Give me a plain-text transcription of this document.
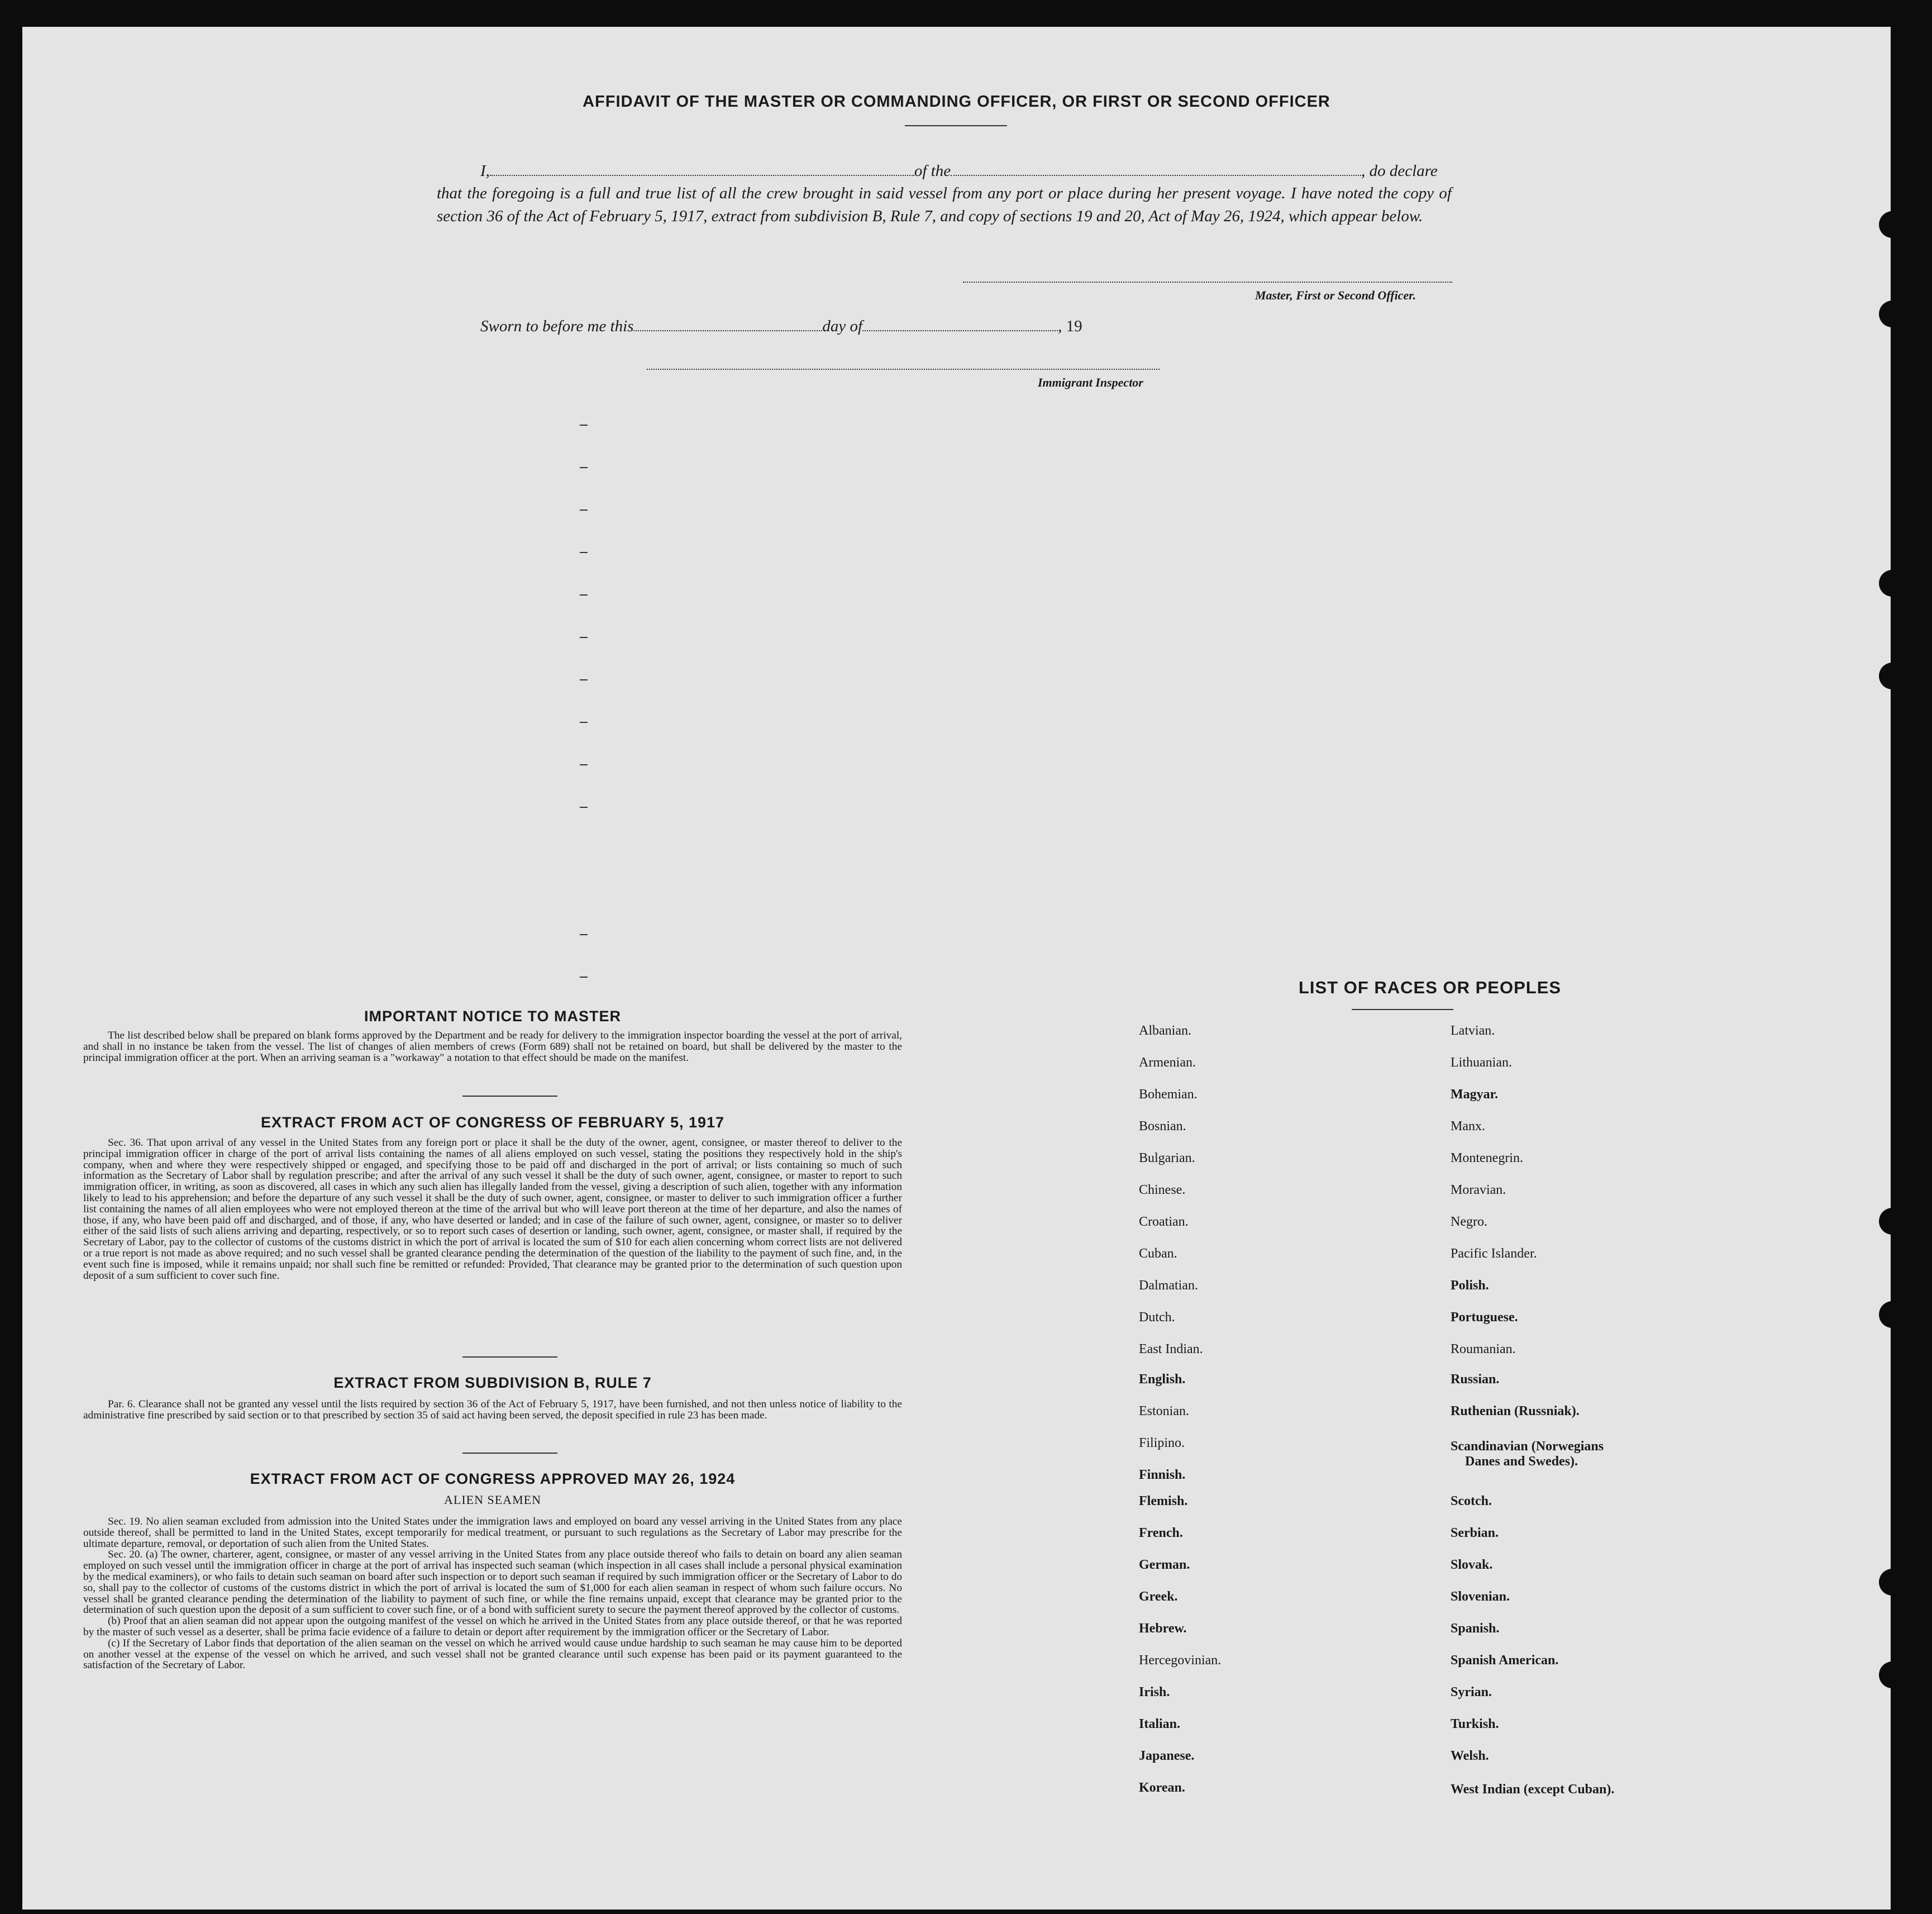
AFFIDAVIT OF THE MASTER OR COMMANDING OFFICER, OR FIRST OR SECOND OFFICER
I,	of the	, do declare
that the foregoing is a full and true list of all the crew brought in said vessel from any port or place during her present voyage. I have noted the copy of section 36 of the Act of February 5, 1917, extract from subdivision B, Rule 7, and copy of sections 19 and 20, Act of May 26, 1924, which appear below.
Master, First or Second Officer.
Sworn to before me this	day of	, 19
Immigrant Inspector
IMPORTANT NOTICE TO MASTER

The list described below shall be prepared on blank forms approved by the Department and be ready for delivery to the immigration inspector boarding the vessel at the port of arrival, and shall in no instance be taken from the vessel. The list of changes of alien members of crews (Form 689) shall not be retained on board, but shall be delivered by the master to the principal immigration officer at the port. When an arriving seaman is a "workaway" a notation to that effect should be made on the manifest.

EXTRACT FROM ACT OF CONGRESS OF FEBRUARY 5, 1917

Sec. 36. That upon arrival of any vessel in the United States from any foreign port or place it shall be the duty of the owner, agent, consignee, or master thereof to deliver to the principal immigration officer in charge of the port of arrival lists containing the names of all aliens employed on such vessel, stating the positions they respectively hold in the ship's company, when and where they were respectively shipped or engaged, and specifying those to be paid off and discharged in the port of arrival; or lists containing so much of such information as the Secretary of Labor shall by regulation prescribe; and after the arrival of any such vessel it shall be the duty of such owner, agent, consignee, or master to report to such immigration officer, in writing, as soon as discovered, all cases in which any such alien has illegally landed from the vessel, giving a description of such alien, together with any information likely to lead to his apprehension; and before the departure of any such vessel it shall be the duty of such owner, agent, consignee, or master to deliver to such immigration officer a further list containing the names of all alien employees who were not employed thereon at the time of the arrival but who will leave port thereon at the time of her departure, and also the names of those, if any, who have been paid off and discharged, and of those, if any, who have deserted or landed; and in case of the failure of such owner, agent, consignee, or master so to deliver either of the said lists of such aliens arriving and departing, respectively, or so to report such cases of desertion or landing, such owner, agent, consignee, or master shall, if required by the Secretary of Labor, pay to the collector of customs of the customs district in which the port of arrival is located the sum of $10 for each alien concerning whom correct lists are not delivered or a true report is not made as above required; and no such vessel shall be granted clearance pending the determination of the question of the liability to the payment of such fine, and, in the event such fine is imposed, while it remains unpaid; nor shall such fine be remitted or refunded: Provided, That clearance may be granted prior to the determination of such question upon deposit of a sum sufficient to cover such fine.

EXTRACT FROM SUBDIVISION B, RULE 7

Par. 6. Clearance shall not be granted any vessel until the lists required by section 36 of the Act of February 5, 1917, have been furnished, and not then unless notice of liability to the administrative fine prescribed by said section or to that prescribed by section 35 of said act having been served, the deposit specified in rule 23 has been made.

EXTRACT FROM ACT OF CONGRESS APPROVED MAY 26, 1924
ALIEN SEAMEN

Sec. 19. No alien seaman excluded from admission into the United States under the immigration laws and employed on board any vessel arriving in the United States from any place outside thereof, shall be permitted to land in the United States, except temporarily for medical treatment, or pursuant to such regulations as the Secretary of Labor may prescribe for the ultimate departure, removal, or deportation of such alien from the United States.

Sec. 20. (a) The owner, charterer, agent, consignee, or master of any vessel arriving in the United States from any place outside thereof who fails to detain on board any alien seaman employed on such vessel until the immigration officer in charge at the port of arrival has inspected such seaman (which inspection in all cases shall include a personal physical examination by the medical examiners), or who fails to detain such seaman on board after such inspection or to deport such seaman if required by such immigration officer or the Secretary of Labor to do so, shall pay to the collector of customs of the customs district in which the port of arrival is located the sum of $1,000 for each alien seaman in respect of whom such failure occurs. No vessel shall be granted clearance pending the determination of the liability to payment of such fine, or while the fine remains unpaid, except that clearance may be granted prior to the determination of such question upon the deposit of a sum sufficient to cover such fine, or of a bond with sufficient surety to secure the payment thereof approved by the collector of customs.

(b) Proof that an alien seaman did not appear upon the outgoing manifest of the vessel on which he arrived in the United States from any place outside thereof, or that he was reported by the master of such vessel as a deserter, shall be prima facie evidence of a failure to detain or deport after requirement by the immigration officer or the Secretary of Labor.

(c) If the Secretary of Labor finds that deportation of the alien seaman on the vessel on which he arrived would cause undue hardship to such seaman he may cause him to be deported on another vessel at the expense of the vessel on which he arrived, and such vessel shall not be granted clearance until such expense has been paid or its payment guaranteed to the satisfaction of the Secretary of Labor.

LIST OF RACES OR PEOPLES
Albanian.
Armenian.
Bohemian.
Bosnian.
Bulgarian.
Chinese.
Croatian.
Cuban.
Dalmatian.
Dutch.
East Indian.
English.
Estonian.
Filipino.
Finnish.
Flemish.
French.
German.
Greek.
Hebrew.
Hercegovinian.
Irish.
Italian.
Japanese.
Korean.
Latvian.
Lithuanian.
Magyar.
Manx.
Montenegrin.
Moravian.
Negro.
Pacific Islander.
Polish.
Portuguese.
Roumanian.
Russian.
Ruthenian (Russniak).
Scandinavian (Norwegians
Danes and Swedes).
Scotch.
Serbian.
Slovak.
Slovenian.
Spanish.
Spanish American.
Syrian.
Turkish.
Welsh.
West Indian (except Cuban).
